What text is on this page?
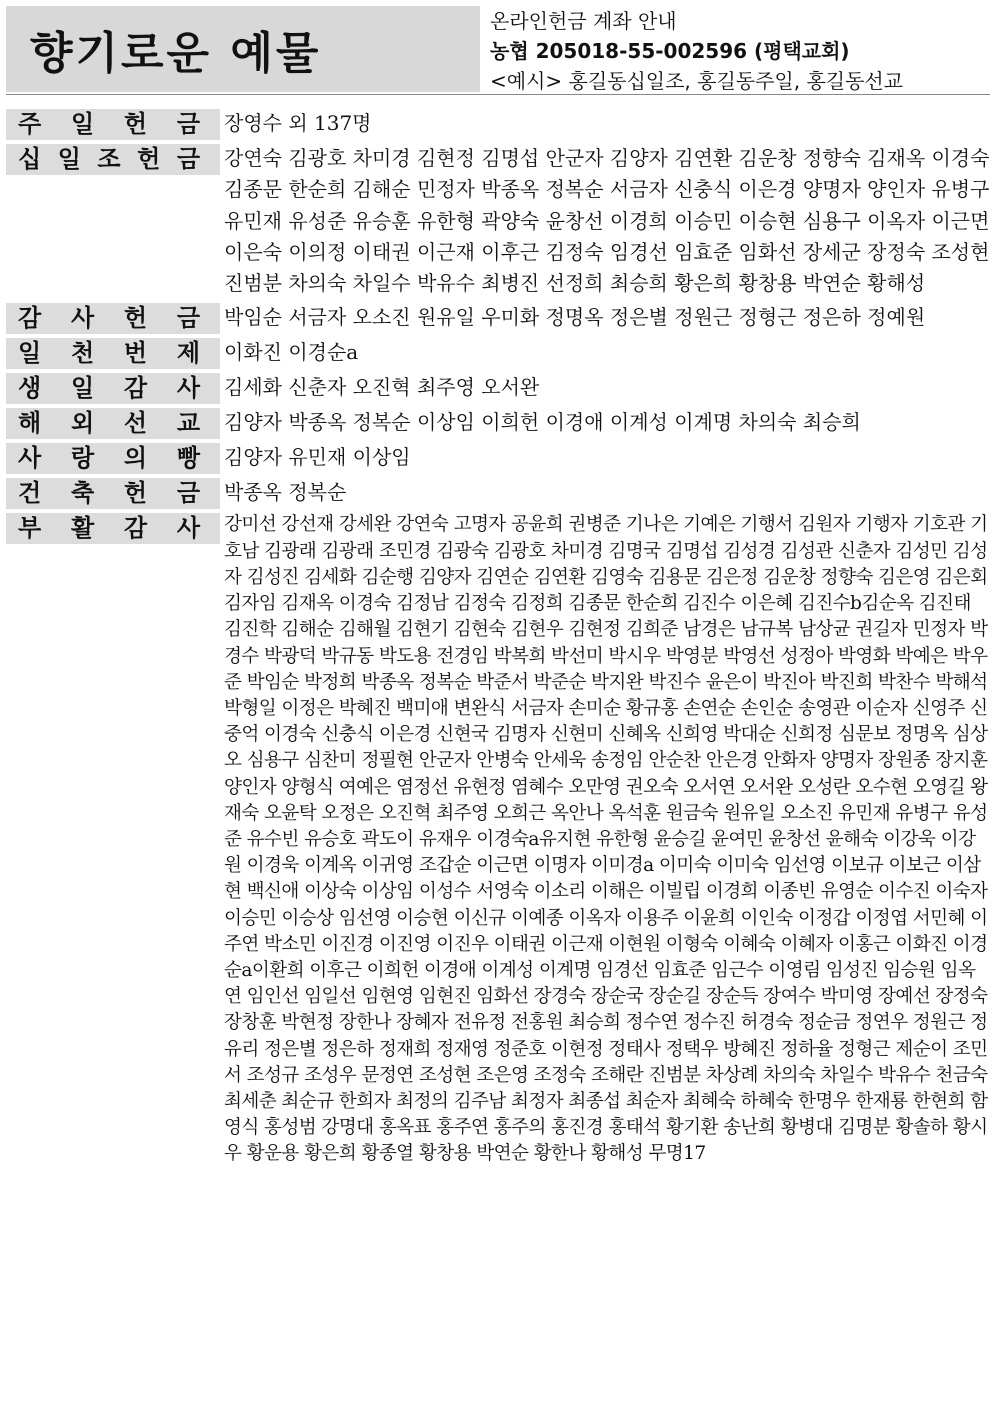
향기로운 예물
온라인헌금 계좌 안내
농협 205018-55-002596 (평택교회)
<예시> 홍길동십일조, 홍길동주일, 홍길동선교
주 일 헌 금 장영수 외 137명
십 일 조 헌 금 강연숙 김광호 차미경 김현정 김명섭 안군자 김양자 김연환 김운창 정향숙 김재옥 이경숙 김종문 한순희 김해순 민정자 박종옥 정복순 서금자 신충식 이은경 양명자 양인자 유병구 유민재 유성준 유승훈 유한형 곽양숙 윤창선 이경희 이승민 이승현 심용구 이옥자 이근면 이은숙 이의정 이태권 이근재 이후근 김정숙 임경선 임효준 임화선 장세군 장정숙 조성현 진범분 차의숙 차일수 박유수 최병진 선정희 최승희 황은희 황창용 박연순 황해성
감 사 헌 금 박임순 서금자 오소진 원유일 우미화 정명옥 정은별 정원근 정형근 정은하 정예원
일 천 번 제 이화진 이경순a
생 일 감 사 김세화 신춘자 오진혁 최주영 오서완
해 외 선 교 김양자 박종옥 정복순 이상임 이희헌 이경애 이계성 이계명 차의숙 최승희
사 랑 의 빵 김양자 유민재 이상임
건 축 헌 금 박종옥 정복순
부 활 감 사 강미선 강선재 강세완 강연숙 고명자 공윤희 권병준 기나은 기예은 기행서 김원자 기행자 기호관 기호남 김광래 김광래 조민경 김광숙 김광호 차미경 김명국 김명섭 김성경 김성관 신춘자 김성민 김성자 김성진 김세화 김순행 김양자 김연순 김연환 김영숙 김용문 김은정 김운창 정향숙 김은영 김은회 김자임 김재옥 이경숙 김정남 김정숙 김정희 김종문 한순희 김진수 이은혜 김진수b김순옥 김진태 김진학 김해순 김해월 김현기 김현숙 김현우 김현정 김희준 남경은 남규복 남상균 권길자 민정자 박경수 박광덕 박규동 박도용 전경임 박복희 박선미 박시우 박영분 박영선 성정아 박영화 박예은 박우준 박임순 박정희 박종옥 정복순 박준서 박준순 박지완 박진수 윤은이 박진아 박진희 박찬수 박해석 박형일 이정은 박혜진 백미애 변완식 서금자 손미순 황규홍 손연순 손인순 송영관 이순자 신영주 신중억 이경숙 신충식 이은경 신현국 김명자 신현미 신혜옥 신희영 박대순 신희정 심문보 정명옥 심상오 심용구 심찬미 정필현 안군자 안병숙 안세욱 송정임 안순찬 안은경 안화자 양명자 장원종 장지훈 양인자 양형식 여예은 염정선 유현정 염혜수 오만영 권오숙 오서연 오서완 오성란 오수현 오영길 왕재숙 오윤탁 오정은 오진혁 최주영 오희근 옥안나 옥석훈 원금숙 원유일 오소진 유민재 유병구 유성준 유수빈 유승호 곽도이 유재우 이경숙a유지현 유한형 윤승길 윤여민 윤창선 윤해숙 이강욱 이강원 이경욱 이계옥 이귀영 조갑순 이근면 이명자 이미경a 이미숙 이미숙 임선영 이보규 이보근 이삼현 백신애 이상숙 이상임 이성수 서영숙 이소리 이해은 이빌립 이경희 이종빈 유영순 이수진 이숙자 이승민 이승상 임선영 이승현 이신규 이예종 이옥자 이용주 이윤희 이인숙 이정갑 이정엽 서민혜 이주연 박소민 이진경 이진영 이진우 이태권 이근재 이현원 이형숙 이혜숙 이혜자 이홍근 이화진 이경순a이환희 이후근 이희헌 이경애 이계성 이계명 임경선 임효준 임근수 이영림 임성진 임승원 임옥연 임인선 임일선 임현영 임현진 임화선 장경숙 장순국 장순길 장순득 장여수 박미영 장예선 장정숙 장창훈 박현정 장한나 장혜자 전유정 전홍원 최승희 정수연 정수진 허경숙 정순금 정연우 정원근 정유리 정은별 정은하 정재희 정재영 정준호 이현정 정태사 정택우 방혜진 정하율 정형근 제순이 조민서 조성규 조성우 문정연 조성현 조은영 조정숙 조해란 진범분 차상례 차의숙 차일수 박유수 천금숙 최세춘 최순규 한희자 최정의 김주남 최정자 최종섭 최순자 최혜숙 하혜숙 한명우 한재룡 한현희 함영식 홍성범 강명대 홍옥표 홍주연 홍주의 홍진경 홍태석 황기환 송난희 황병대 김명분 황솔하 황시우 황운용 황은희 황종열 황창용 박연순 황한나 황해성 무명17
